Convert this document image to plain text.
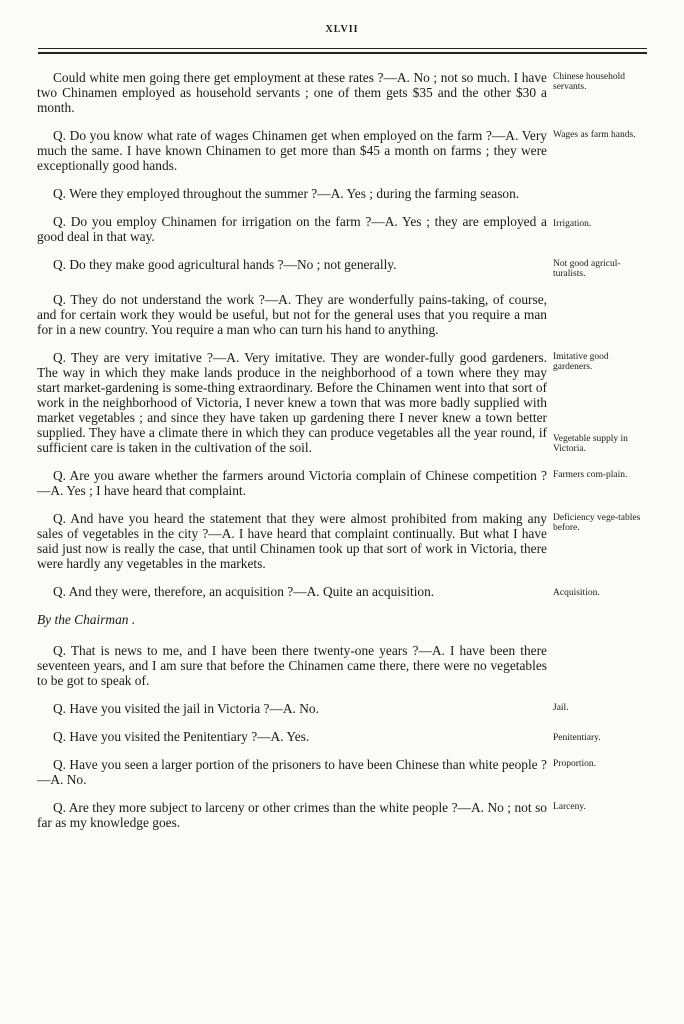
XLVII
Could white men going there get employment at these rates ?—A. No ; not so much. I have two Chinamen employed as household servants ; one of them gets $35 and the other $30 a month.
Chinese household servants.
Q. Do you know what rate of wages Chinamen get when employed on the farm ?—A. Very much the same. I have known Chinamen to get more than $45 a month on farms ; they were exceptionally good hands.
Wages as farm hands.
Q. Were they employed throughout the summer ?—A. Yes ; during the farming season.
Q. Do you employ Chinamen for irrigation on the farm ?—A. Yes ; they are employed a good deal in that way.
Irrigation.
Q. Do they make good agricultural hands ?—No ; not generally.	Not good agricul-turalists.
Q. They do not understand the work ?—A. They are wonderfully pains-taking, of course, and for certain work they would be useful, but not for the general uses that you require a man for in a new country. You require a man who can turn his hand to anything.
Q. They are very imitative ?—A. Very imitative. They are wonder-fully good gardeners. The way in which they make lands produce in the neighborhood of a town where they may start market-gardening is some-thing extraordinary. Before the Chinamen went into that sort of work in the neighborhood of Victoria, I never knew a town that was more badly supplied with market vegetables ; and since they have taken up gardening there I never knew a town better supplied. They have a climate there in which they can produce vegetables all the year round, if sufficient care is taken in the cultivation of the soil.
Imitative good gardeners.
Vegetable supply in Victoria.
Q. Are you aware whether the farmers around Victoria complain of Chinese competition ?—A. Yes ; I have heard that complaint.
Farmers com-plain.
Q. And have you heard the statement that they were almost prohibited from making any sales of vegetables in the city ?—A. I have heard that complaint continually. But what I have said just now is really the case, that until Chinamen took up that sort of work in Victoria, there were hardly any vegetables in the markets.
Deficiency vege-tables before.
Q. And they were, therefore, an acquisition ?—A. Quite an acquisition.	Acquisition.
By the Chairman .
Q. That is news to me, and I have been there twenty-one years ?—A. I have been there seventeen years, and I am sure that before the Chinamen came there, there were no vegetables to be got to speak of.
Q. Have you visited the jail in Victoria ?—A. No.	Jail.
Q. Have you visited the Penitentiary ?—A. Yes.	Penitentiary.
Q. Have you seen a larger portion of the prisoners to have been Chinese than white people ?—A. No.
Proportion.
Q. Are they more subject to larceny or other crimes than the white people ?—A. No ; not so far as my knowledge goes.
Larceny.
